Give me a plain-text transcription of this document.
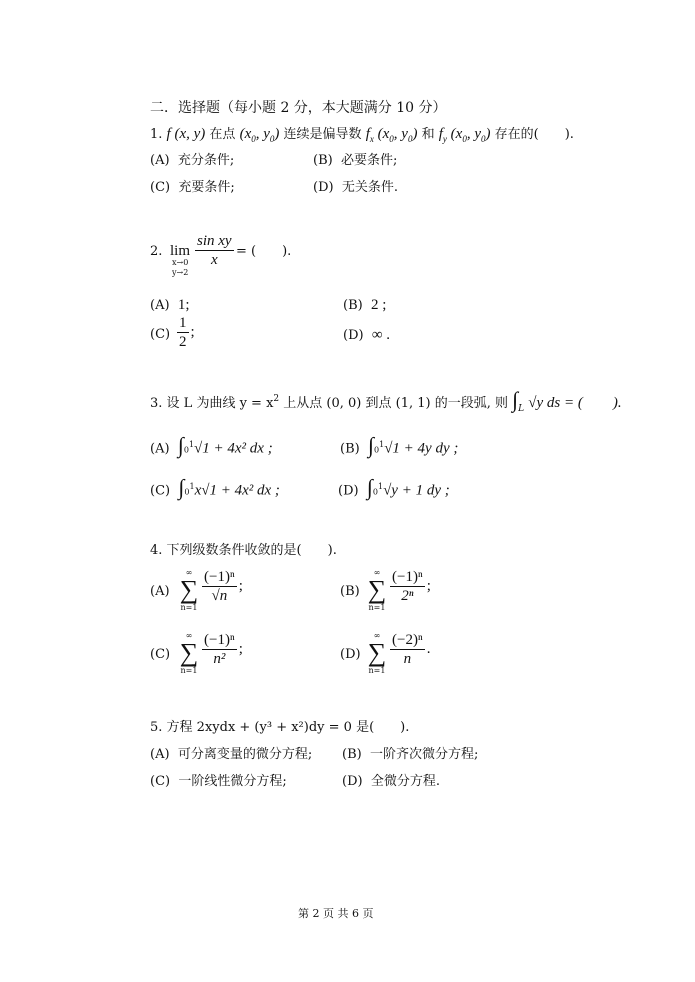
二．选择题（每小题 2 分，本大题满分 10 分）
1. f (x, y) 在点 ($x_0$, $y_0$) 连续是偏导数 $f_x$ ($x_0$, $y_0$) 和 $f_y$ ($x_0$, $y_0$) 存在的(　　).
(A) 充分条件;	(B) 必要条件;
(C) 充要条件;	(D) 无关条件.
2. lim
x→0
y→2
$\frac{\text{sin xy}}{x}$ = (　　).
(A) 1;	(B) 2 ;
$(C) \frac{1}{2}$ ;	(D) ∞ .
3. 设 L 为曲线 $y = x^2$ 上从点 (0, 0) 到点 (1, 1) 的一段弧, 则 $\int_L$ √y ds = (　　).
(A) $\int 0^1√1 + 4x^2$ dx ;	(B) $\int 0^1√1 + 4y$ dy ;
(C) $\int 0^1x√1 + 4x^2$ dx ;	(D) $\int 0^1√y + 1$ dy ;
4. 下列级数条件收敛的是(　　).
(A)
∞
∑
n=1
$\frac{\text{(−1)ⁿ}}{√n}$ ;	(B)
∞
∑
n=1
$\frac{\text{(−1)ⁿ}}{\text{2ⁿ}}$ ;
(C)
∞
∑
n=1
$\frac{\text{(−1)ⁿ}}{\text{n²}}$ ;	(D)
∞
∑
n=1
$\frac{\text{(−2)ⁿ}}{n}$ .
5. 方程 2xydx + (y³ + x²)dy = 0 是(　　).
(A) 可分离变量的微分方程; (B) 一阶齐次微分方程;
(C) 一阶线性微分方程;	(D) 全微分方程.
第 2 页 共 6 页
